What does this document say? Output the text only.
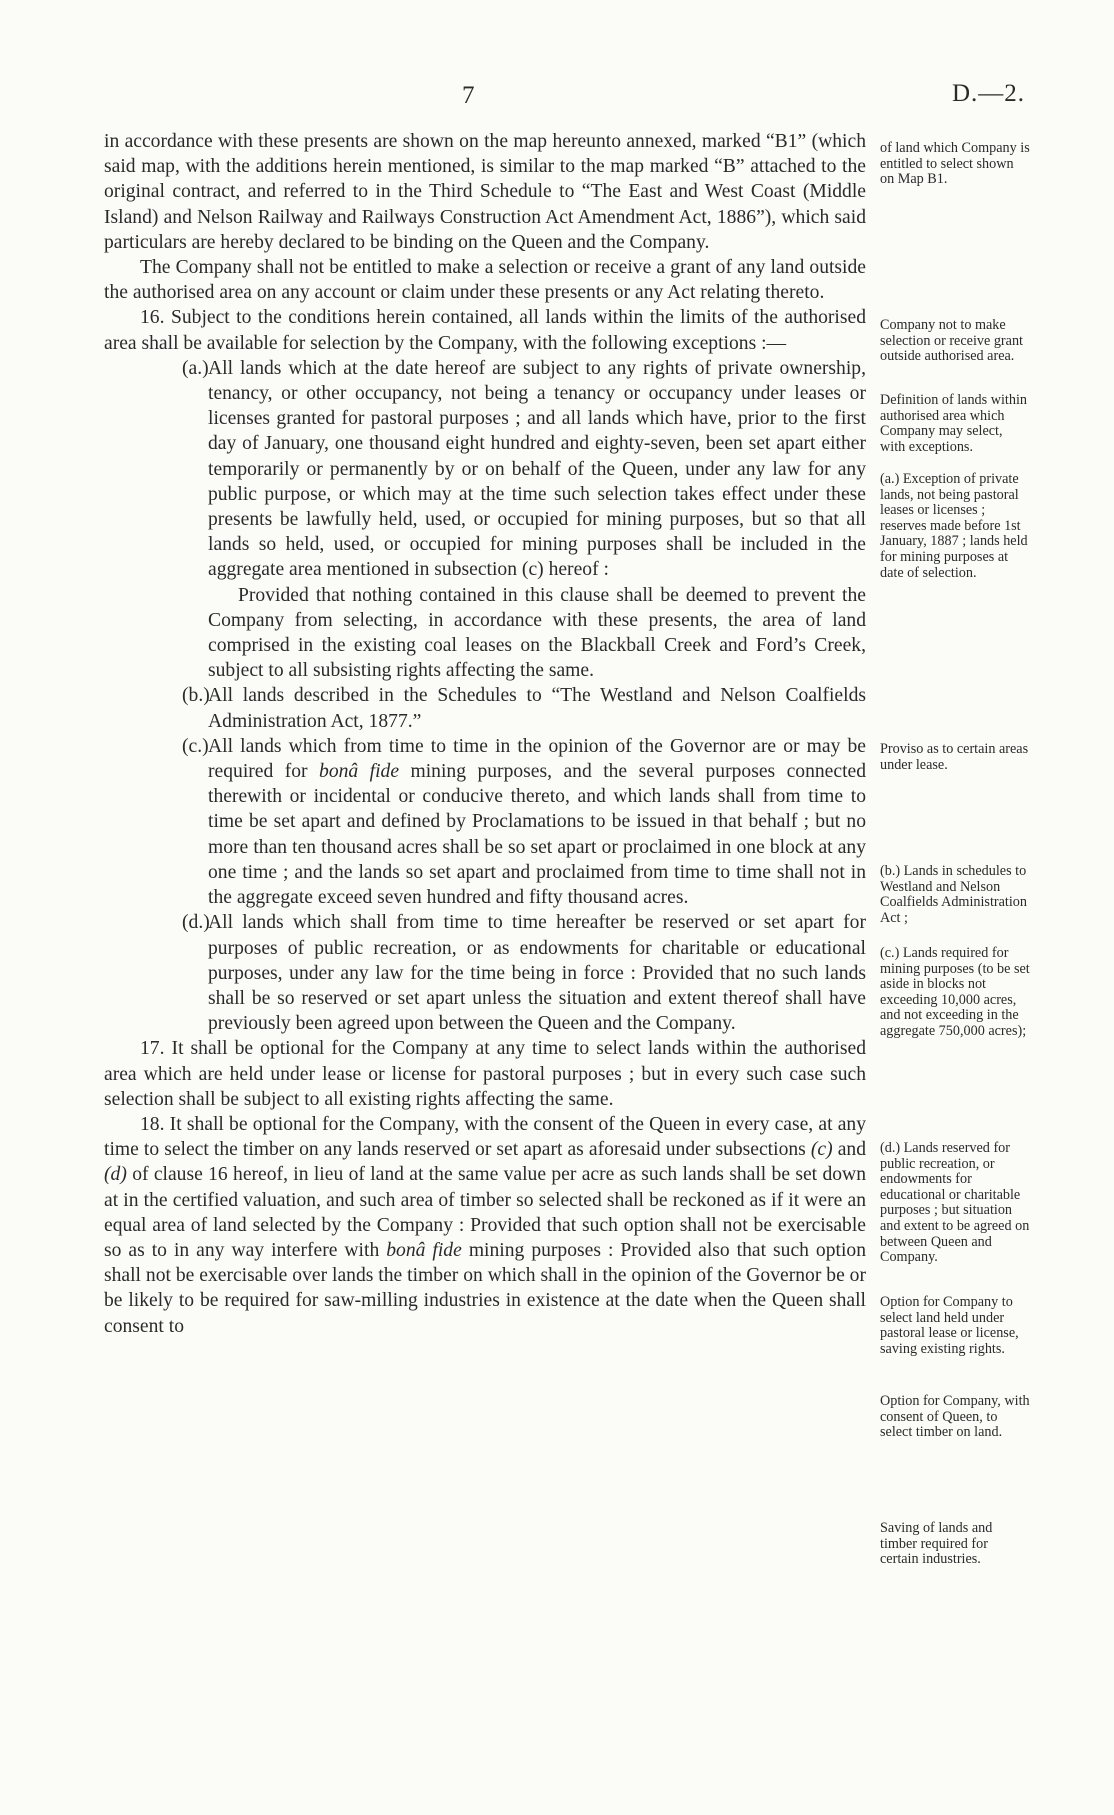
7	D.—2.

in accordance with these presents are shown on the map hereunto annexed, marked “B1” (which said map, with the additions herein mentioned, is similar to the map marked “B” attached to the original contract, and referred to in the Third Schedule to “The East and West Coast (Middle Island) and Nelson Railway and Railways Construction Act Amendment Act, 1886”), which said particulars are hereby declared to be binding on the Queen and the Company.

The Company shall not be entitled to make a selection or receive a grant of any land outside the authorised area on any account or claim under these presents or any Act relating thereto.

16. Subject to the conditions herein contained, all lands within the limits of the authorised area shall be available for selection by the Company, with the following exceptions :—

(a.) All lands which at the date hereof are subject to any rights of private ownership, tenancy, or other occupancy, not being a tenancy or occupancy under leases or licenses granted for pastoral purposes ; and all lands which have, prior to the first day of January, one thousand eight hundred and eighty-seven, been set apart either temporarily or permanently by or on behalf of the Queen, under any law for any public purpose, or which may at the time such selection takes effect under these presents be lawfully held, used, or occupied for mining purposes, but so that all lands so held, used, or occupied for mining purposes shall be included in the aggregate area mentioned in subsection (c) hereof :

Provided that nothing contained in this clause shall be deemed to prevent the Company from selecting, in accordance with these presents, the area of land comprised in the existing coal leases on the Blackball Creek and Ford’s Creek, subject to all subsisting rights affecting the same.

(b.)
All lands described in the Schedules to “The Westland and Nelson Coalfields Administration Act, 1877.”

(c.) All lands which from time to time in the opinion of the Governor are or may be required for bonâ fide mining purposes, and the several purposes connected therewith or incidental or conducive thereto, and which lands shall from time to time be set apart and defined by Proclamations to be issued in that behalf ; but no more than ten thousand acres shall be so set apart or proclaimed in one block at any one time ; and the lands so set apart and proclaimed from time to time shall not in the aggregate exceed seven hundred and fifty thousand acres.

(d.)
All lands which shall from time to time hereafter be reserved or set apart for purposes of public recreation, or as endowments for charitable or educational purposes, under any law for the time being in force : Provided that no such lands shall be so reserved or set apart unless the situation and extent thereof shall have previously been agreed upon between the Queen and the Company.

17. It shall be optional for the Company at any time to select lands within the authorised area which are held under lease or license for pastoral purposes ; but in every such case such selection shall be subject to all existing rights affecting the same.

18. It shall be optional for the Company, with the consent of the Queen in every case, at any time to select the timber on any lands reserved or set apart as aforesaid under subsections (c) and (d) of clause 16 hereof, in lieu of land at the same value per acre as such lands shall be set down at in the certified valuation, and such area of timber so selected shall be reckoned as if it were an equal area of land selected by the Company : Provided that such option shall not be exercisable so as to in any way interfere with bonâ fide mining purposes : Provided also that such option shall not be exercisable over lands the timber on which shall in the opinion of the Governor be or be likely to be required for saw-milling industries in existence at the date when the Queen shall consent to

of land which Company is entitled to select shown on Map B1.
Company not to make selection or receive grant outside authorised area.
Definition of lands within authorised area which Company may select, with exceptions.
(a.) Exception of private lands, not being pastoral leases or licenses ; reserves made before 1st January, 1887 ; lands held for mining purposes at date of selection.
Proviso as to certain areas under lease.
(b.) Lands in schedules to Westland and Nelson Coalfields Administration Act ;
(c.) Lands required for mining purposes (to be set aside in blocks not exceeding 10,000 acres, and not exceeding in the aggregate 750,000 acres);
(d.) Lands reserved for public recreation, or endowments for educational or charitable purposes ; but situation and extent to be agreed on between Queen and Company.
Option for Company to select land held under pastoral lease or license, saving existing rights.
Option for Company, with consent of Queen, to select timber on land.
Saving of lands and timber required for certain industries.
